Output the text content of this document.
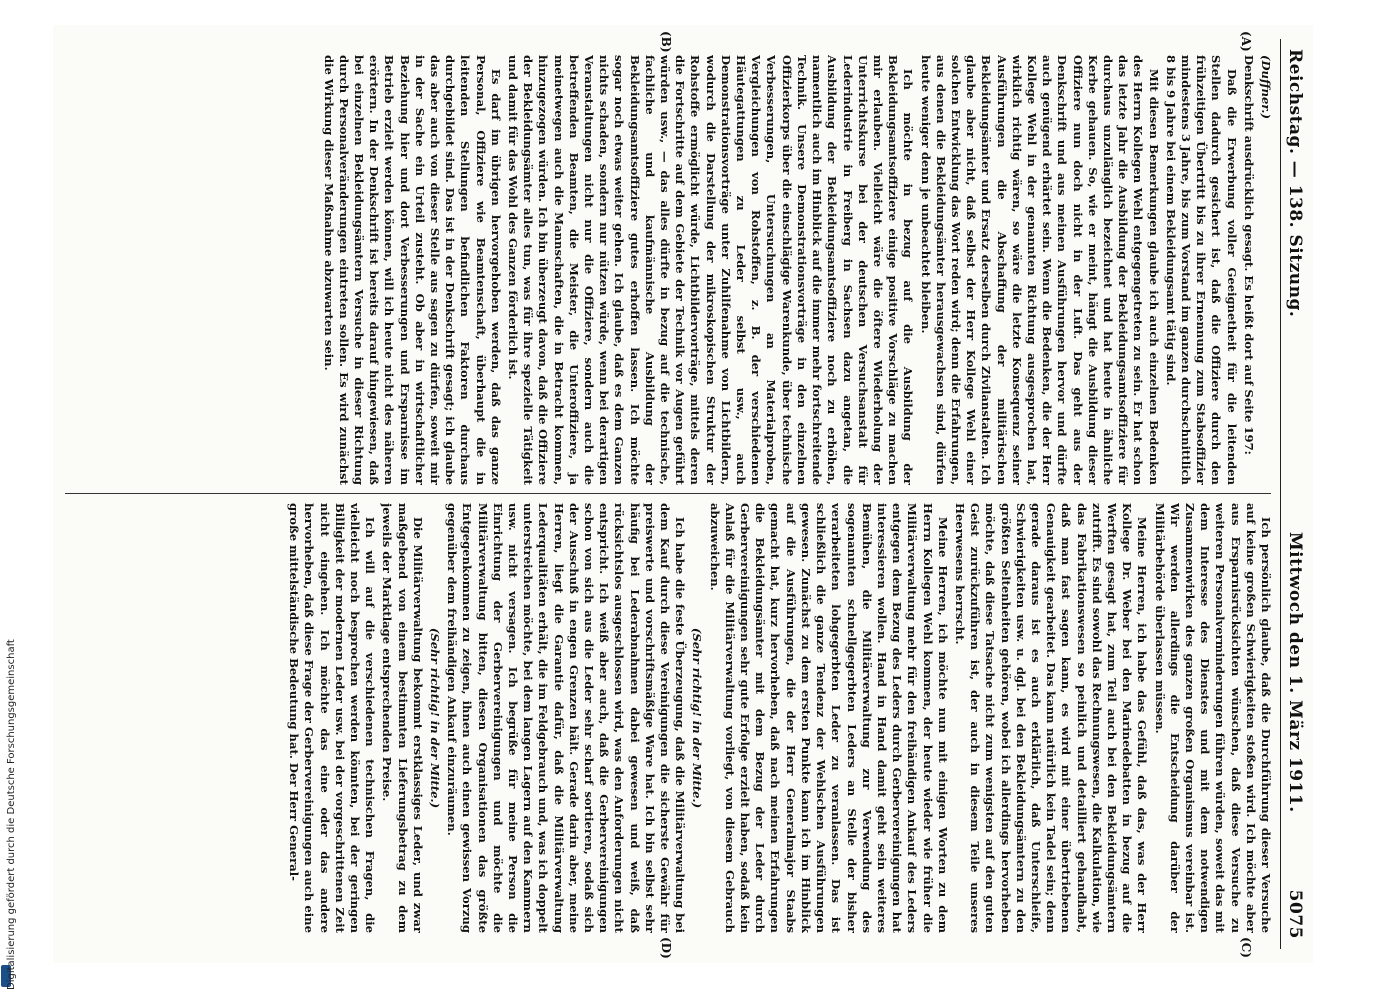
Digitalisierung gefördert durch die Deutsche Forschungsgemeinschaft
Reichstag. — 138. Sitzung.
Mittwoch den 1. März 1911.            5075
(A)
(B)
(C)
(D)

(Duffner.)

Denkschrift ausdrücklich gesagt. Es heißt dort auf Seite 197:

Daß die Erwerbung voller Geeignetheit für die leitenden Stellen dadurch gesichert ist, daß die Offiziere durch den frühzeitigen Übertritt bis zu ihrer Ernennung zum Stabsoffizier mindestens 3 Jahre, bis zum Vorstand im ganzen durchschnittlich 8 bis 9 Jahre bei einem Bekleidungsamt tätig sind.

Mit diesen Bemerkungen glaube ich auch einzelnen Bedenken des Herrn Kollegen Wehl entgegengetreten zu sein. Er hat schon das letzte Jahr die Ausbildung der Bekleidungsamtsoffiziere für durchaus unzulänglich bezeichnet und hat heute in ähnliche Kerbe gehauen. So, wie er meint, hängt die Ausbildung dieser Offiziere nun doch nicht in der Luft. Das geht aus der Denkschrift und aus meinen Ausführungen hervor und dürfte auch genügend erhärtet sein. Wenn die Bedenken, die der Herr Kollege Wehl in der genannten Richtung ausgesprochen hat, wirklich richtig wären, so wäre die letzte Konsequenz seiner Ausführungen die Abschaffung der militärischen Bekleidungsämter und Ersatz derselben durch Zivilanstalten. Ich glaube aber nicht, daß selbst der Herr Kollege Wehl einer solchen Entwicklung das Wort reden wird; denn die Erfahrungen, aus denen die Bekleidungsämter herausgewachsen sind, dürfen heute weniger denn je unbeachtet bleiben.

Ich möchte in bezug auf die Ausbildung der Bekleidungsamtsoffiziere einige positive Vorschläge zu machen mir erlauben. Vielleicht wäre die öftere Wiederholung der Unterrichtskurse bei der deutschen Versuchsanstalt für Lederindustrie in Freiberg in Sachsen dazu angetan, die Ausbildung der Bekleidungsamtsoffiziere noch zu erhöhen, namentlich auch im Hinblick auf die immer mehr fortschreitende Technik. Unsere Demonstrationsvorträge in den einzelnen Offizierkorps über die einschlägige Warenkunde, über technische Verbesserungen, Untersuchungen an Materialproben, Vergleichungen von Rohstoffen, z. B. der verschiedenen Häutegattungen zu Leder selbst usw., auch Demonstrationsvorträge unter Zuhilfenahme von Lichtbildern, wodurch die Darstellung der mikroskopischen Struktur der Rohstoffe ermöglicht würde, Lichtbildervorträge, mittels deren die Fortschritte auf dem Gebiete der Technik vor Augen geführt würden usw., — das alles dürfte in bezug auf die technische, fachliche und kaufmännische Ausbildung der Bekleidungsamtsoffiziere gutes erhoffen lassen. Ich möchte sogar noch etwas weiter gehen. Ich glaube, daß es dem Ganzen nichts schaden, sondern nur nützen würde, wenn bei derartigen Veranstaltungen nicht nur die Offiziere, sondern auch die betreffenden Beamten, die Meister, die Unteroffiziere, ja meinetwegen auch die Mannschaften, die in Betracht kommen, hinzugezogen würden. Ich bin überzeugt davon, daß die Offiziere der Bekleidungsämter alles tun, was für ihre spezielle Tätigkeit und damit für das Wohl des Ganzen förderlich ist.

Es darf im übrigen hervorgehoben werden, daß das ganze Personal, Offiziere wie Beamtenschaft, überhaupt die in leitenden Stellungen befindlichen Faktoren durchaus durchgebildet sind. Das ist in der Denkschrift gesagt; ich glaube das aber auch von dieser Stelle aus sagen zu dürfen, soweit mir in der Sache ein Urteil zusteht. Ob aber in wirtschaftlicher Beziehung hier und dort Verbesserungen und Ersparnisse im Betrieb erzielt werden können, will ich heute nicht des näheren erörtern. In der Denkschrift ist bereits darauf hingewiesen, daß bei einzelnen Bekleidungsämtern Versuche in dieser Richtung durch Personalveränderungen eintreten sollen. Es wird zunächst die Wirkung dieser Maßnahme abzuwarten sein.

Ich persönlich glaube, daß die Durchführung dieser Versuche auf keine großen Schwierigkeiten stoßen wird. Ich möchte aber aus Ersparnisrücksichten wünschen, daß diese Versuche zu weiteren Personalverminderungen führen würden, soweit das mit dem Interesse des Dienstes und mit dem notwendigen Zusammenwirken des ganzen großen Organismus vereinbar ist. Wir werden allerdings die Entscheidung darüber der Militärbehörde überlassen müssen.

Meine Herren, ich habe das Gefühl, daß das, was der Herr Kollege Dr. Weber bei den Marinedebatten in bezug auf die Werften gesagt hat, zum Teil auch bei den Bekleidungsämtern zutrifft. Es sind sowohl das Rechnungswesen, die Kalkulation, wie das Fabrikationswesen so peinlich und detailliert gehandhabt, daß man fast sagen kann, es wird mit einer übertriebenen Genauigkeit gearbeitet. Das kann natürlich kein Tadel sein; denn gerade daraus ist es auch erklärlich, daß Unterschleife, Schwierigkeiten usw. u. dgl. bei den Bekleidungsämtern zu den größten Seltenheiten gehören, wobei ich allerdings hervorheben möchte, daß diese Tatsache nicht zum wenigsten auf den guten Geist zurückzuführen ist, der auch in diesem Teile unseres Heerwesens herrscht.

Meine Herren, ich möchte nun mit einigen Worten zu dem Herrn Kollegen Wehl kommen, der heute wieder wie früher die Militärverwaltung mehr für den freihändigen Ankauf des Leders entgegen dem Bezug des Leders durch Gerbervereinigungen hat interessieren wollen. Hand in Hand damit geht sein weiteres Bemühen, die Militärverwaltung zur Verwendung des sogenannten schnellgegerbten Leders an Stelle der bisher verarbeiteten lohgegerbten Leder zu veranlassen. Das ist schließlich die ganze Tendenz der Wehlschen Ausführungen gewesen. Zunächst zu dem ersten Punkte kann ich im Hinblick auf die Ausführungen, die der Herr Generalmajor Staabs gemacht hat, kurz hervorheben, daß nach meinen Erfahrungen die Bekleidungsämter mit dem Bezug der Leder durch Gerbervereinigungen sehr gute Erfolge erzielt haben, sodaß kein Anlaß für die Militärverwaltung vorliegt, von diesem Gebrauch abzuweichen.

(Sehr richtig! in der Mitte.)

Ich habe die feste Überzeugung, daß die Militärverwaltung bei dem Kauf durch diese Vereinigungen die sicherste Gewähr für preiswerte und vorschriftsmäßige Ware hat. Ich bin selbst sehr häufig bei Lederabnahmen dabei gewesen und weiß, daß rücksichtslos ausgeschlossen wird, was den Anforderungen nicht entspricht. Ich weiß aber auch, daß die Gerbervereinigungen schon von sich aus die Leder sehr scharf sortieren, sodaß sich der Ausschuß in engen Grenzen hält. Gerade darin aber, meine Herren, liegt die Garantie dafür, daß die Militärverwaltung Lederqualitäten erhält, die im Feldgebrauch und, was ich doppelt unterstreichen möchte, bei dem langen Lagern auf den Kammern usw. nicht versagen. Ich begrüße für meine Person die Einrichtung der Gerbervereinigungen und möchte die Militärverwaltung bitten, diesen Organisationen das größte Entgegenkommen zu zeigen, ihnen auch einen gewissen Vorzug gegenüber dem freihändigen Ankauf einzuräumen.

(Sehr richtig! in der Mitte.)

Die Militärverwaltung bekommt erstklassiges Leder, und zwar maßgebend von einem bestimmten Lieferungsbetrag zu dem jeweils der Marktlage entsprechenden Preise.

Ich will auf die verschiedenen technischen Fragen, die vielleicht noch besprochen werden könnten, bei der geringen Billigkeit der modernen Leder usw. bei der vorgeschrittenen Zeit nicht eingehen. Ich möchte das eine oder das andere hervorheben, daß diese Frage der Gerbervereinigungen auch eine große mittelständische Bedeutung hat. Der Herr General-
